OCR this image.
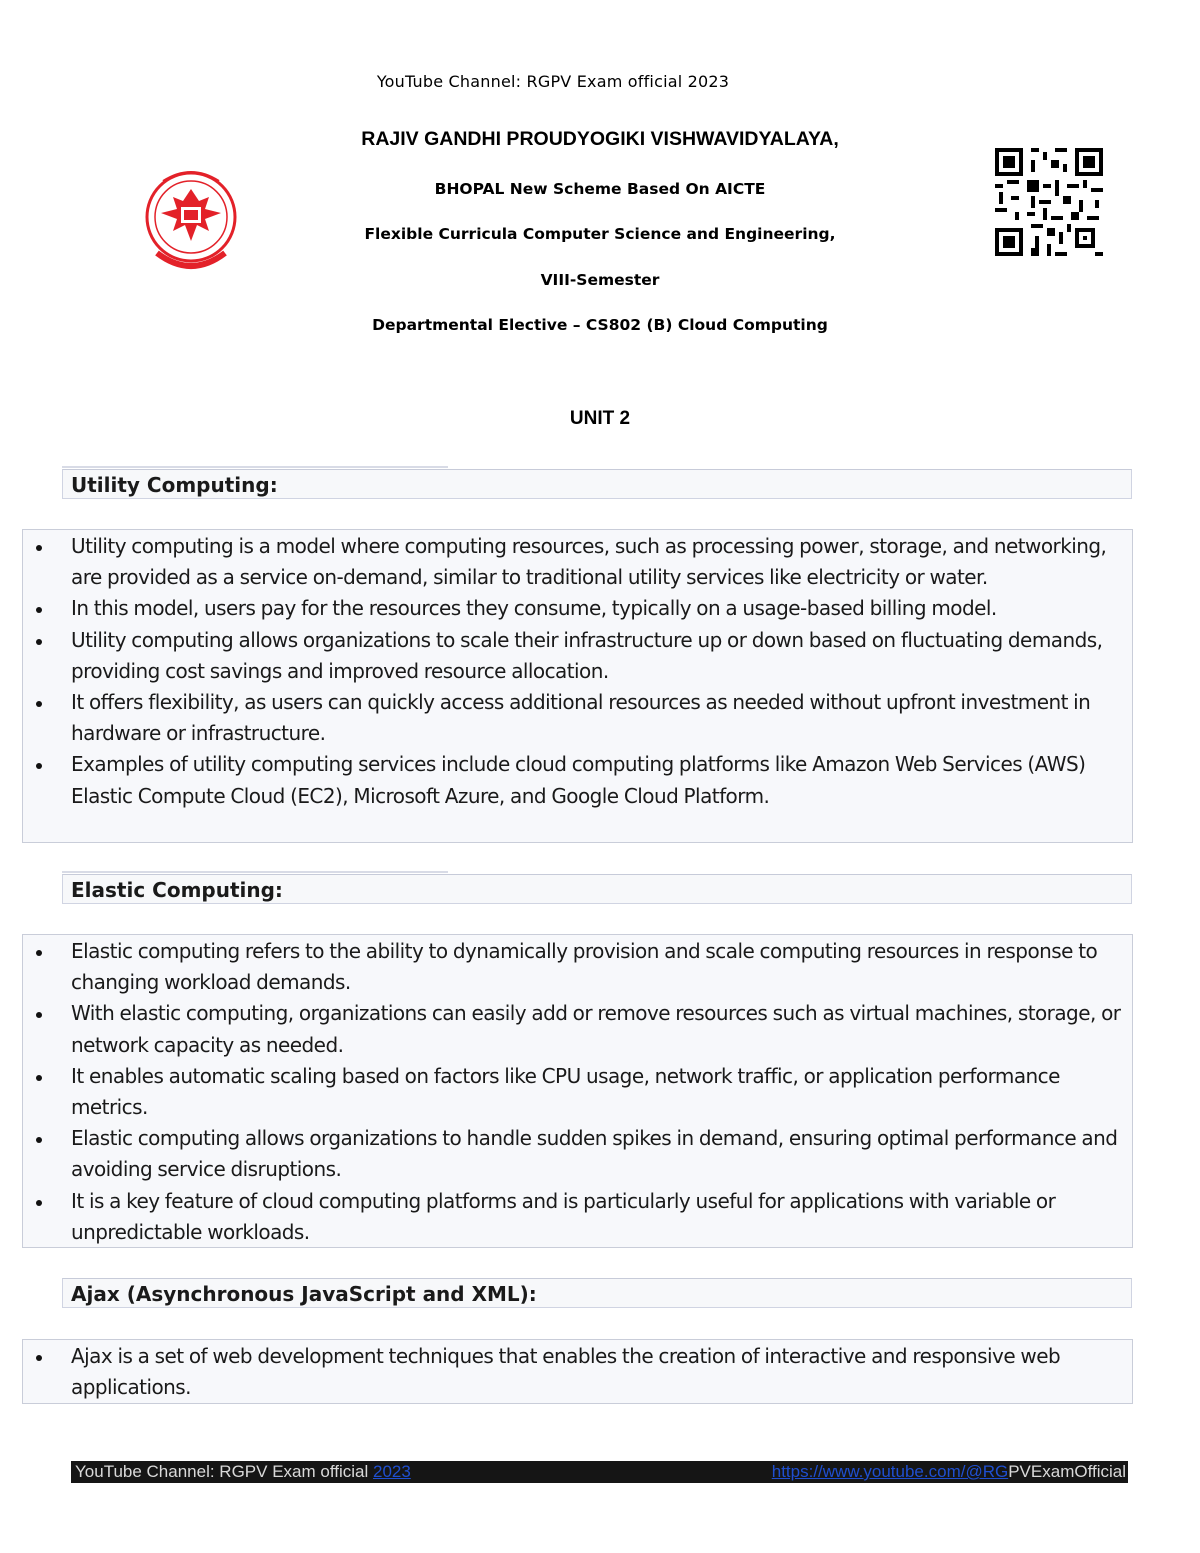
YouTube Channel: RGPV Exam official 2023
RAJIV GANDHI PROUDYOGIKI VISHWAVIDYALAYA,
BHOPAL New Scheme Based On AICTE
Flexible Curricula Computer Science and Engineering,
VIII-Semester
Departmental Elective – CS802 (B) Cloud Computing
UNIT 2
Utility Computing:
Utility computing is a model where computing resources, such as processing power, storage, and networking, are provided as a service on-demand, similar to traditional utility services like electricity or water.
In this model, users pay for the resources they consume, typically on a usage-based billing model.
Utility computing allows organizations to scale their infrastructure up or down based on fluctuating demands, providing cost savings and improved resource allocation.
It offers flexibility, as users can quickly access additional resources as needed without upfront investment in hardware or infrastructure.
Examples of utility computing services include cloud computing platforms like Amazon Web Services (AWS) Elastic Compute Cloud (EC2), Microsoft Azure, and Google Cloud Platform.
Elastic Computing:
Elastic computing refers to the ability to dynamically provision and scale computing resources in response to changing workload demands.
With elastic computing, organizations can easily add or remove resources such as virtual machines, storage, or network capacity as needed.
It enables automatic scaling based on factors like CPU usage, network traffic, or application performance metrics.
Elastic computing allows organizations to handle sudden spikes in demand, ensuring optimal performance and avoiding service disruptions.
It is a key feature of cloud computing platforms and is particularly useful for applications with variable or unpredictable workloads.
Ajax (Asynchronous JavaScript and XML):
Ajax is a set of web development techniques that enables the creation of interactive and responsive web applications.
YouTube Channel: RGPV Exam official 2023	https://www.youtube.com/@RGPVExamOfficial
